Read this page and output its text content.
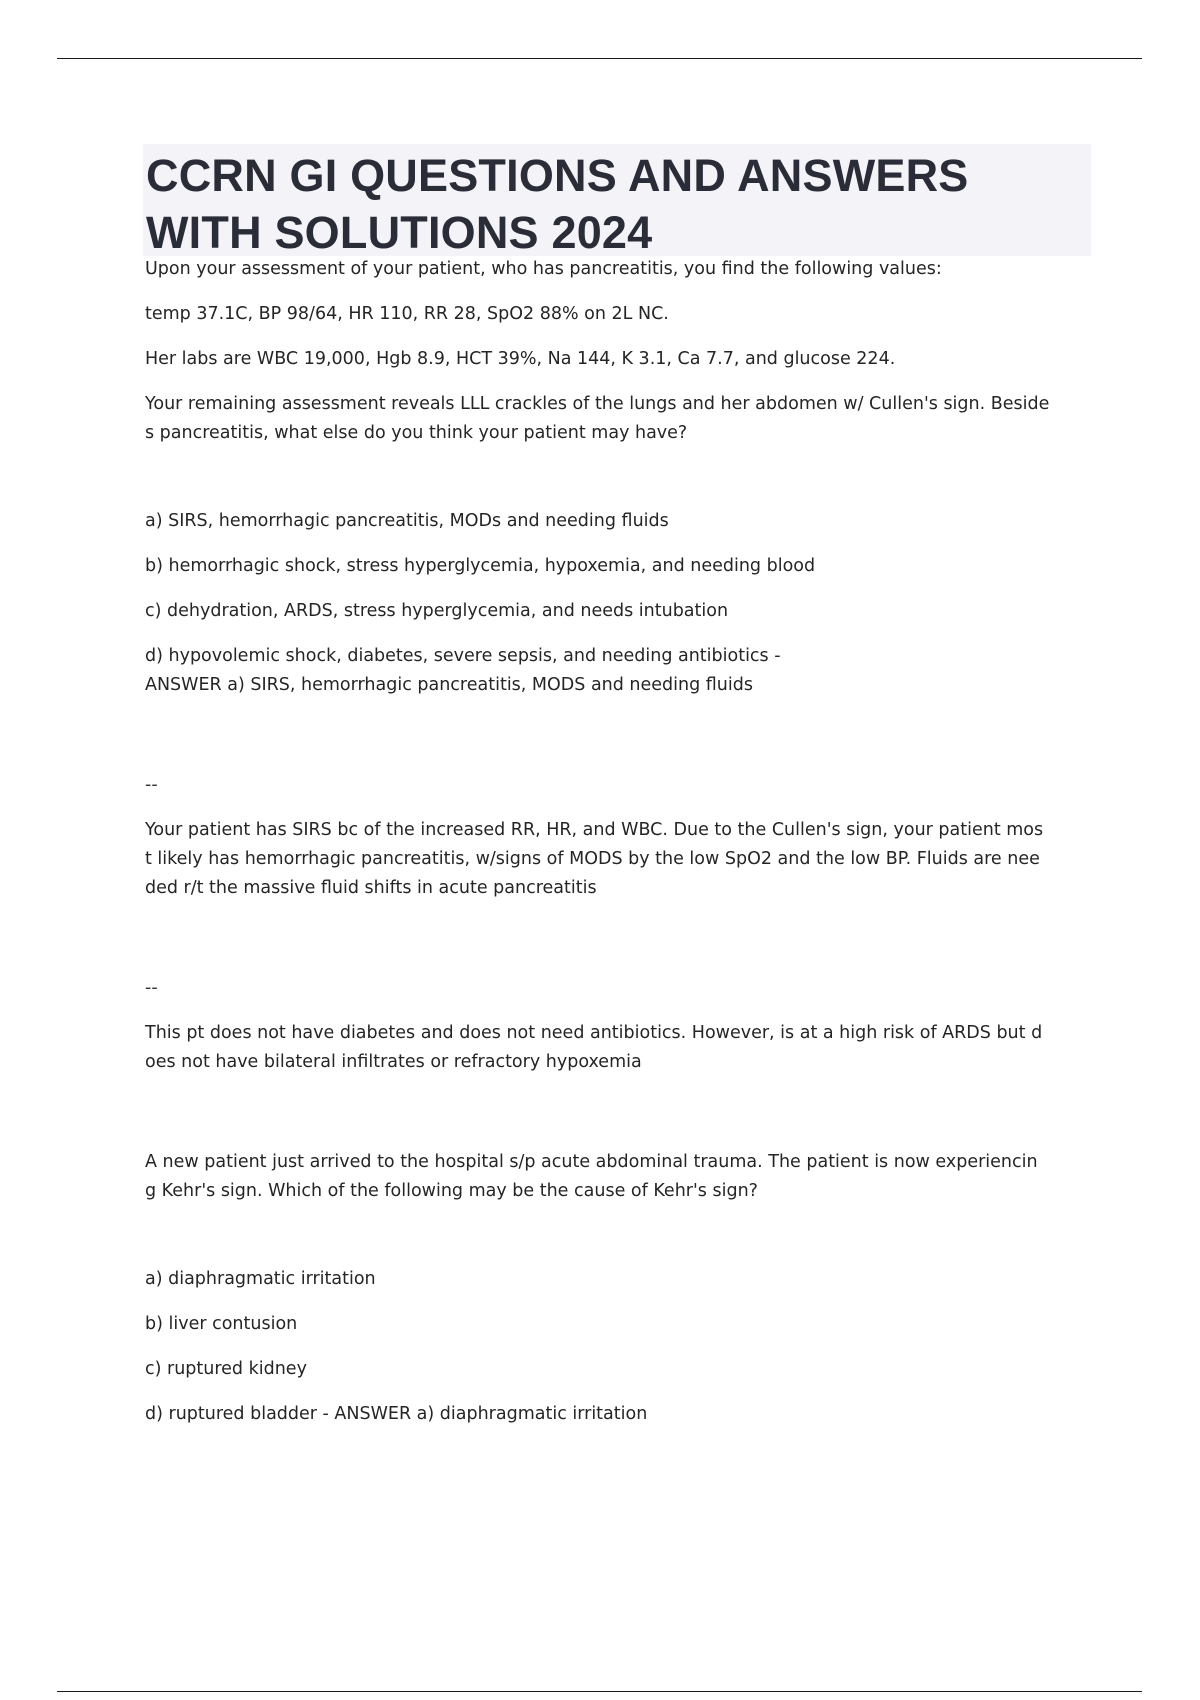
CCRN GI QUESTIONS AND ANSWERS
WITH SOLUTIONS 2024

Upon your assessment of your patient, who has pancreatitis, you find the following values:

temp 37.1C, BP 98/64, HR 110, RR 28, SpO2 88% on 2L NC.

Her labs are WBC 19,000, Hgb 8.9, HCT 39%, Na 144, K 3.1, Ca 7.7, and glucose 224.

Your remaining assessment reveals LLL crackles of the lungs and her abdomen w/ Cullen's sign. Beside
s pancreatitis, what else do you think your patient may have?

a) SIRS, hemorrhagic pancreatitis, MODs and needing fluids

b) hemorrhagic shock, stress hyperglycemia, hypoxemia, and needing blood

c) dehydration, ARDS, stress hyperglycemia, and needs intubation

d) hypovolemic shock, diabetes, severe sepsis, and needing antibiotics -
ANSWER a) SIRS, hemorrhagic pancreatitis, MODS and needing fluids

--

Your patient has SIRS bc of the increased RR, HR, and WBC. Due to the Cullen's sign, your patient mos
t likely has hemorrhagic pancreatitis, w/signs of MODS by the low SpO2 and the low BP. Fluids are nee
ded r/t the massive fluid shifts in acute pancreatitis

--

This pt does not have diabetes and does not need antibiotics. However, is at a high risk of ARDS but d
oes not have bilateral infiltrates or refractory hypoxemia

A new patient just arrived to the hospital s/p acute abdominal trauma. The patient is now experiencin
g Kehr's sign. Which of the following may be the cause of Kehr's sign?

a) diaphragmatic irritation

b) liver contusion

c) ruptured kidney

d) ruptured bladder - ANSWER a) diaphragmatic irritation
